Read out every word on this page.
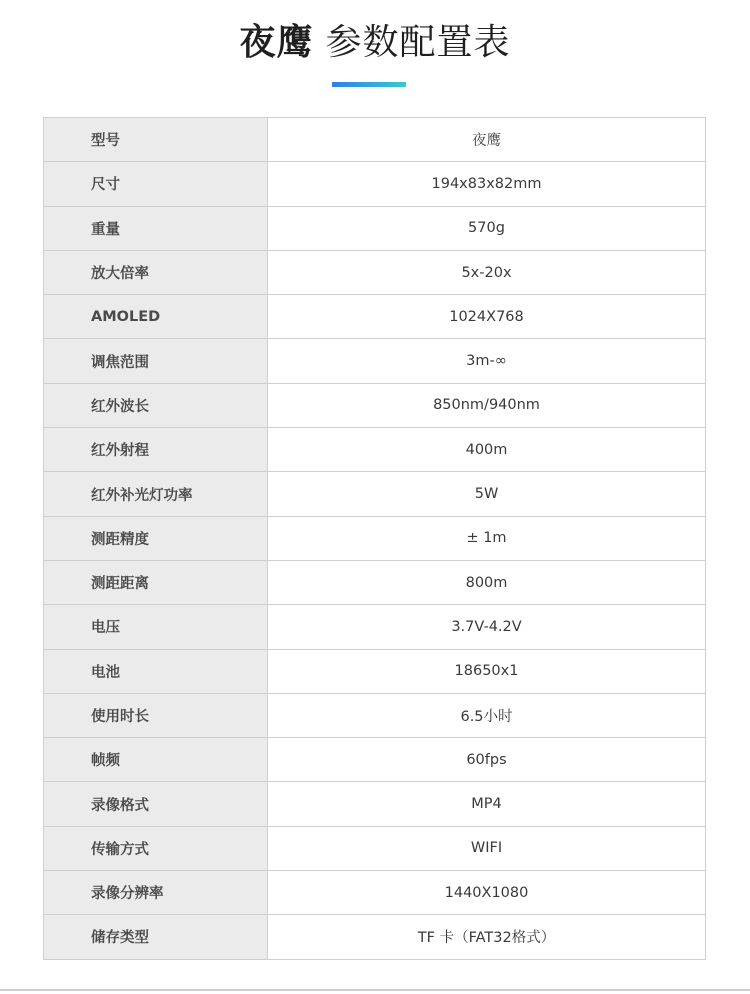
夜鹰 参数配置表
型号	夜鹰
尺寸	194x83x82mm
重量	570g
放大倍率	5x-20x
AMOLED	1024X768
调焦范围	3m-∞
红外波长	850nm/940nm
红外射程	400m
红外补光灯功率	5W
测距精度	± 1m
测距距离	800m
电压	3.7V-4.2V
电池	18650x1
使用时长	6.5小时
帧频	60fps
录像格式	MP4
传输方式	WIFI
录像分辨率	1440X1080
储存类型	TF 卡（FAT32格式）
